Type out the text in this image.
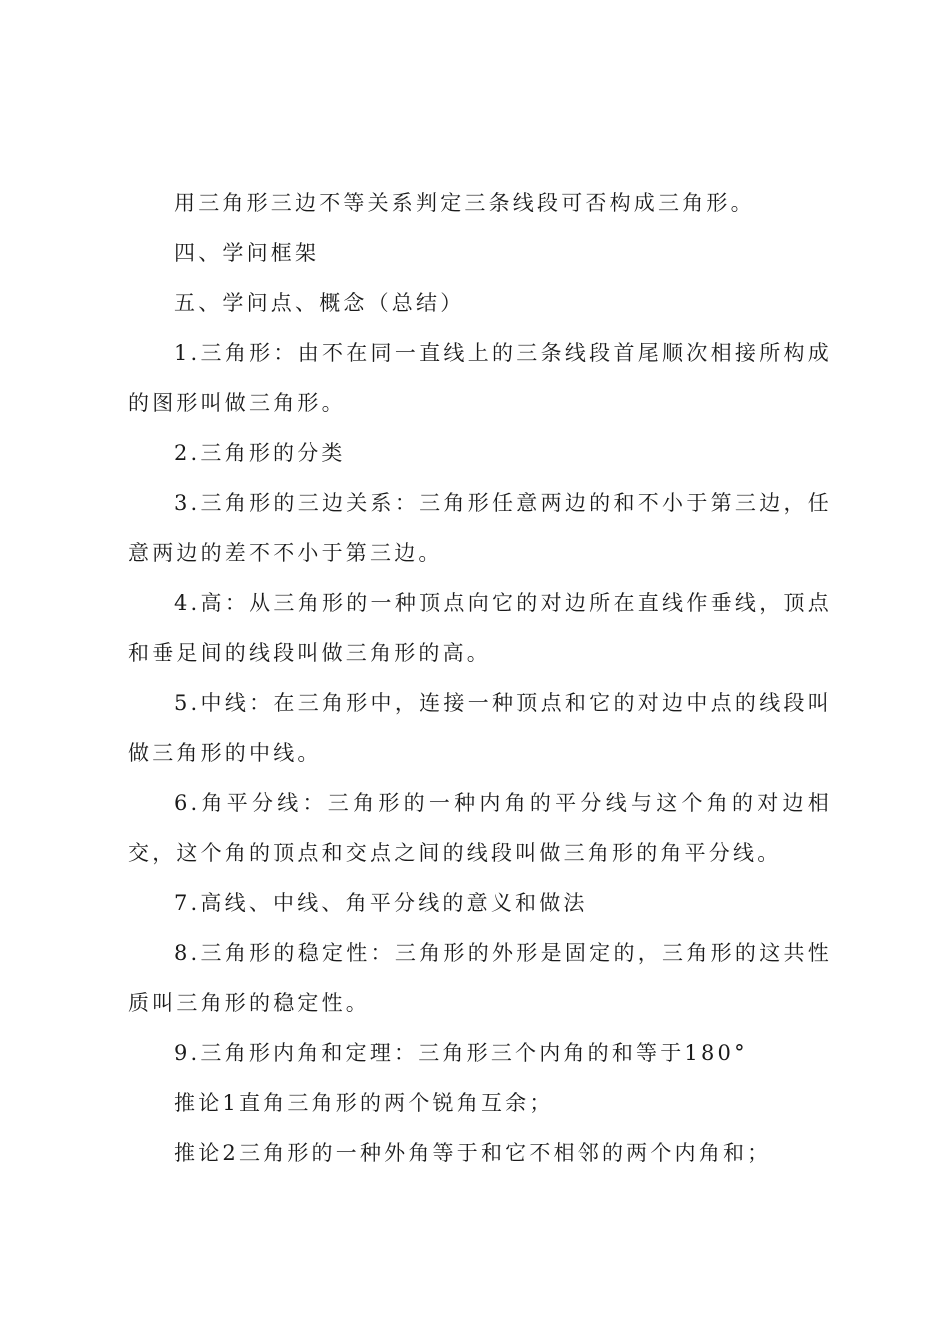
用三角形三边不等关系判定三条线段可否构成三角形。

四、学问框架

五、学问点、概念（总结）

1.三角形：由不在同一直线上的三条线段首尾顺次相接所构成的图形叫做三角形。

2.三角形的分类

3.三角形的三边关系：三角形任意两边的和不小于第三边，任意两边的差不不小于第三边。

4.高：从三角形的一种顶点向它的对边所在直线作垂线，顶点和垂足间的线段叫做三角形的高。

5.中线：在三角形中，连接一种顶点和它的对边中点的线段叫做三角形的中线。

6.角平分线：三角形的一种内角的平分线与这个角的对边相交，这个角的顶点和交点之间的线段叫做三角形的角平分线。

7.高线、中线、角平分线的意义和做法

8.三角形的稳定性：三角形的外形是固定的，三角形的这共性质叫三角形的稳定性。

9.三角形内角和定理：三角形三个内角的和等于180°

推论1直角三角形的两个锐角互余；

推论2三角形的一种外角等于和它不相邻的两个内角和；
